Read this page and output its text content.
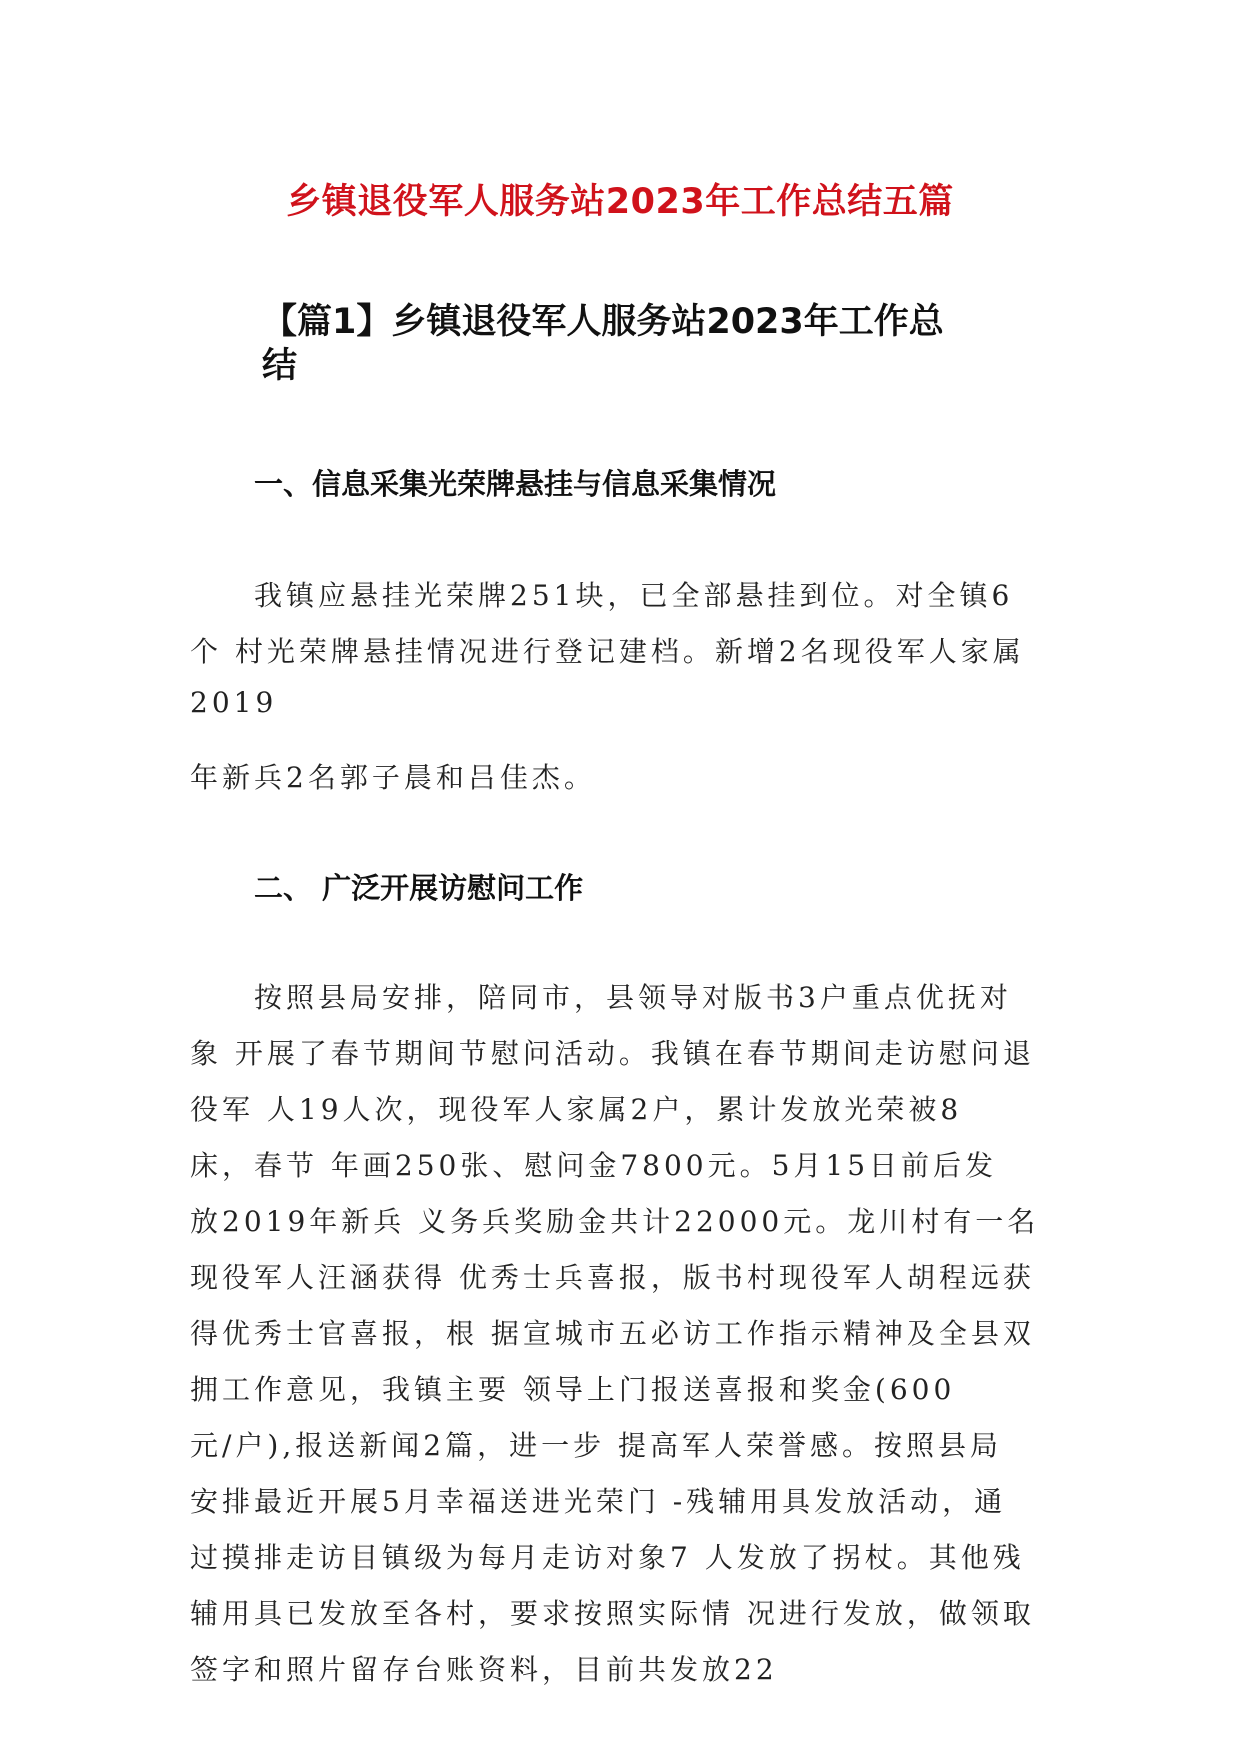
乡镇退役军人服务站2023年工作总结五篇
【篇1】乡镇退役军人服务站2023年工作总
结
一、信息采集光荣牌悬挂与信息采集情况
我镇应悬挂光荣牌251块，已全部悬挂到位。对全镇6
个 村光荣牌悬挂情况进行登记建档。新增2名现役军人家属
2019
年新兵2名郭子晨和吕佳杰。
二、 广泛开展访慰问工作
按照县局安排，陪同市，县领导对版书3户重点优抚对
象 开展了春节期间节慰问活动。我镇在春节期间走访慰问退
役军 人19人次，现役军人家属2户，累计发放光荣被8
床，春节 年画250张、慰问金7800元。5月15日前后发
放2019年新兵 义务兵奖励金共计22000元。龙川村有一名
现役军人汪涵获得 优秀士兵喜报，版书村现役军人胡程远获
得优秀士官喜报，根 据宣城市五必访工作指示精神及全县双
拥工作意见，我镇主要 领导上门报送喜报和奖金(600
元/户),报送新闻2篇，进一步 提高军人荣誉感。按照县局
安排最近开展5月幸福送进光荣门 -残辅用具发放活动，通
过摸排走访目镇级为每月走访对象7 人发放了拐杖。其他残
辅用具已发放至各村，要求按照实际情 况进行发放，做领取
签字和照片留存台账资料，目前共发放22
